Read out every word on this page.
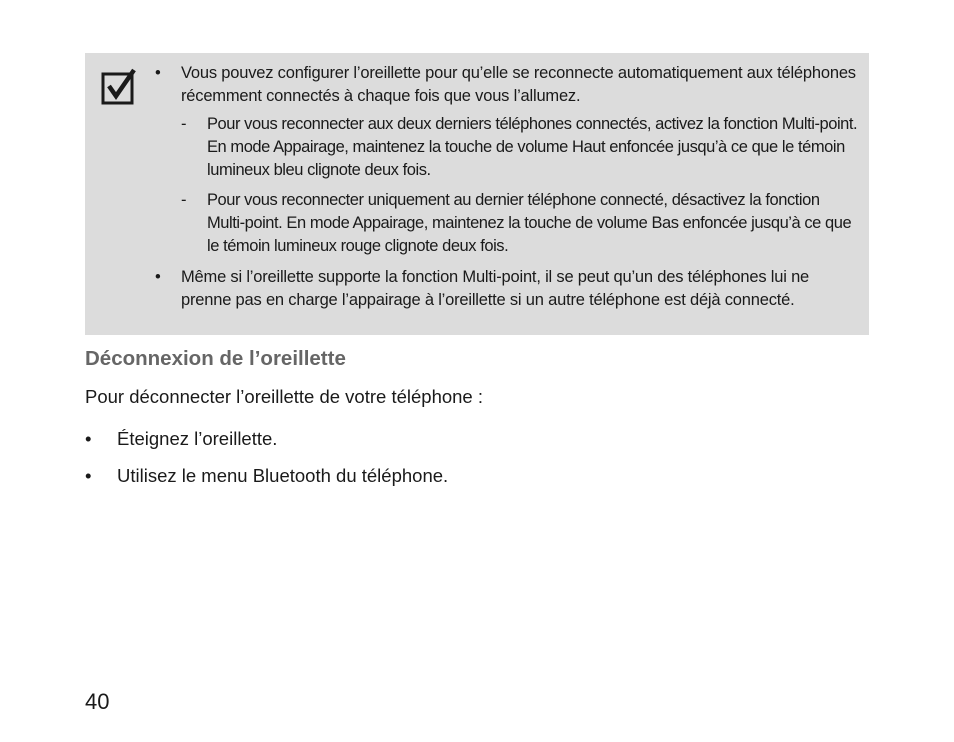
•	Vous pouvez configurer l’oreillette pour qu’elle se reconnecte automatiquement aux téléphones récemment connectés à chaque fois que vous l’allumez.
- Pour vous reconnecter aux deux derniers téléphones connectés, activez la fonction Multi-point. En mode Appairage, maintenez la touche de volume Haut enfoncée jusqu’à ce que le témoin lumineux bleu clignote deux fois.
- Pour vous reconnecter uniquement au dernier téléphone connecté, désactivez la fonction Multi-point. En mode Appairage, maintenez la touche de volume Bas enfoncée jusqu’à ce que le témoin lumineux rouge clignote deux fois.
•	Même si l’oreillette supporte la fonction Multi-point, il se peut qu’un des téléphones lui ne prenne pas en charge l’appairage à l’oreillette si un autre téléphone est déjà connecté.
Déconnexion de l’oreillette

Pour déconnecter l’oreillette de votre téléphone :

• Éteignez l’oreillette.
• Utilisez le menu Bluetooth du téléphone.

40
